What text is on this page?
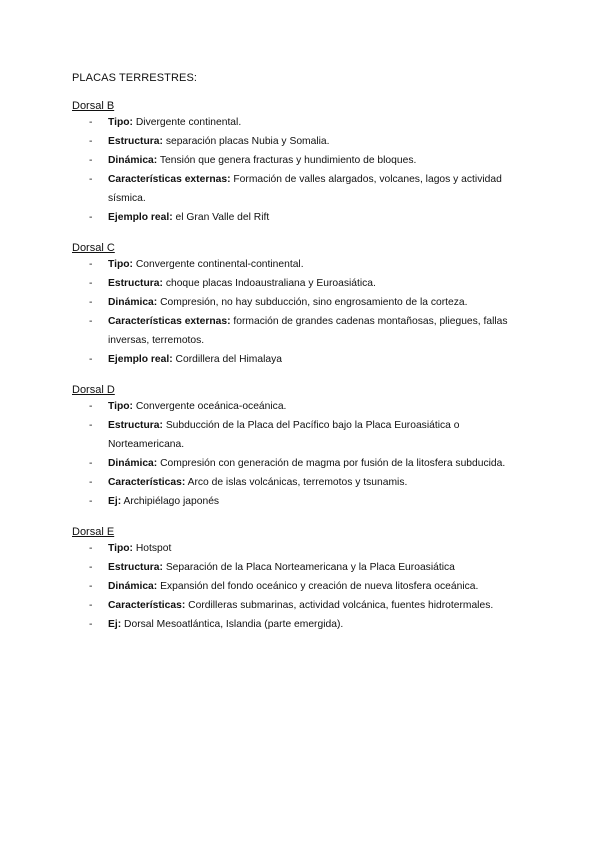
PLACAS TERRESTRES:

Dorsal B

- Tipo: Divergente continental.
- Estructura: separación placas Nubia y Somalia.
- Dinámica: Tensión que genera fracturas y hundimiento de bloques.
- Características externas: Formación de valles alargados, volcanes, lagos y actividad sísmica.
- Ejemplo real: el Gran Valle del Rift

Dorsal C

- Tipo: Convergente continental-continental.
- Estructura: choque placas Indoaustraliana y Euroasiática.
- Dinámica: Compresión, no hay subducción, sino engrosamiento de la corteza.
- Características externas: formación de grandes cadenas montañosas, pliegues, fallas inversas, terremotos.
- Ejemplo real: Cordillera del Himalaya

Dorsal D

- Tipo: Convergente oceánica-oceánica.
- Estructura: Subducción de la Placa del Pacífico bajo la Placa Euroasiática o Norteamericana.
- Dinámica: Compresión con generación de magma por fusión de la litosfera subducida.
- Características: Arco de islas volcánicas, terremotos y tsunamis.
- Ej: Archipiélago japonés

Dorsal E

- Tipo: Hotspot
- Estructura: Separación de la Placa Norteamericana y la Placa Euroasiática
- Dinámica: Expansión del fondo oceánico y creación de nueva litosfera oceánica.
- Características: Cordilleras submarinas, actividad volcánica, fuentes hidrotermales.
- Ej: Dorsal Mesoatlántica, Islandia (parte emergida).
